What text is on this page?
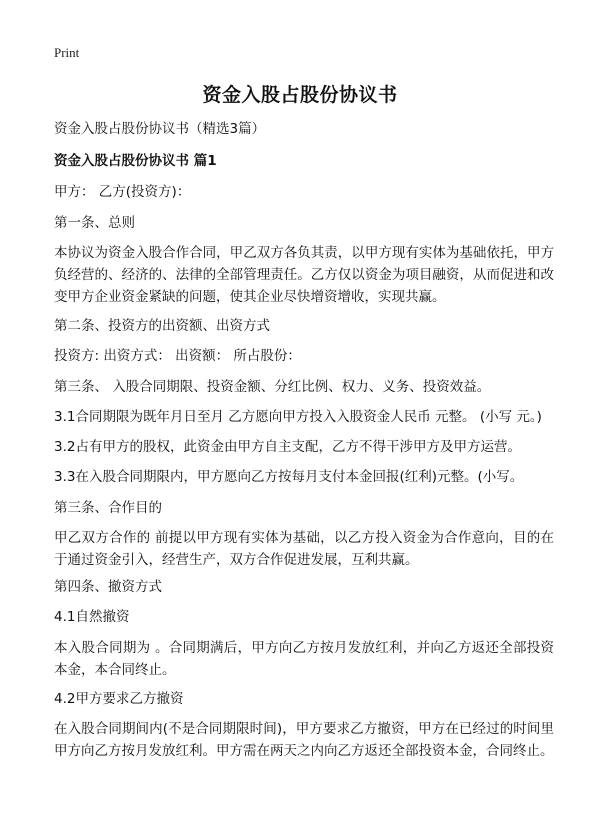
Print
资金入股占股份协议书

资金入股占股份协议书（精选3篇）

资金入股占股份协议书 篇1

甲方： 乙方(投资方)：

第一条、总则

本协议为资金入股合作合同，甲乙双方各负其责，以甲方现有实体为基础依托，甲方负经营的、经济的、法律的全部管理责任。乙方仅以资金为项目融资，从而促进和改变甲方企业资金紧缺的问题，使其企业尽快增资增收，实现共赢。

第二条、投资方的出资额、出资方式

投资方: 出资方式： 出资额： 所占股份：

第三条、 入股合同期限、投资金额、分红比例、权力、义务、投资效益。

3.1合同期限为既年月日至月 乙方愿向甲方投入入股资金人民币 元整。 (小写 元。)

3.2占有甲方的股权，此资金由甲方自主支配，乙方不得干涉甲方及甲方运营。

3.3在入股合同期限内，甲方愿向乙方按每月支付本金回报(红利)元整。(小写。

第三条、合作目的

甲乙双方合作的 前提以甲方现有实体为基础，以乙方投入资金为合作意向，目的在于通过资金引入，经营生产，双方合作促进发展，互利共赢。

第四条、撤资方式

4.1自然撤资

本入股合同期为 。合同期满后，甲方向乙方按月发放红利，并向乙方返还全部投资本金，本合同终止。

4.2甲方要求乙方撤资

在入股合同期间内(不是合同期限时间)，甲方要求乙方撤资，甲方在已经过的时间里甲方向乙方按月发放红利。甲方需在两天之内向乙方返还全部投资本金，合同终止。
